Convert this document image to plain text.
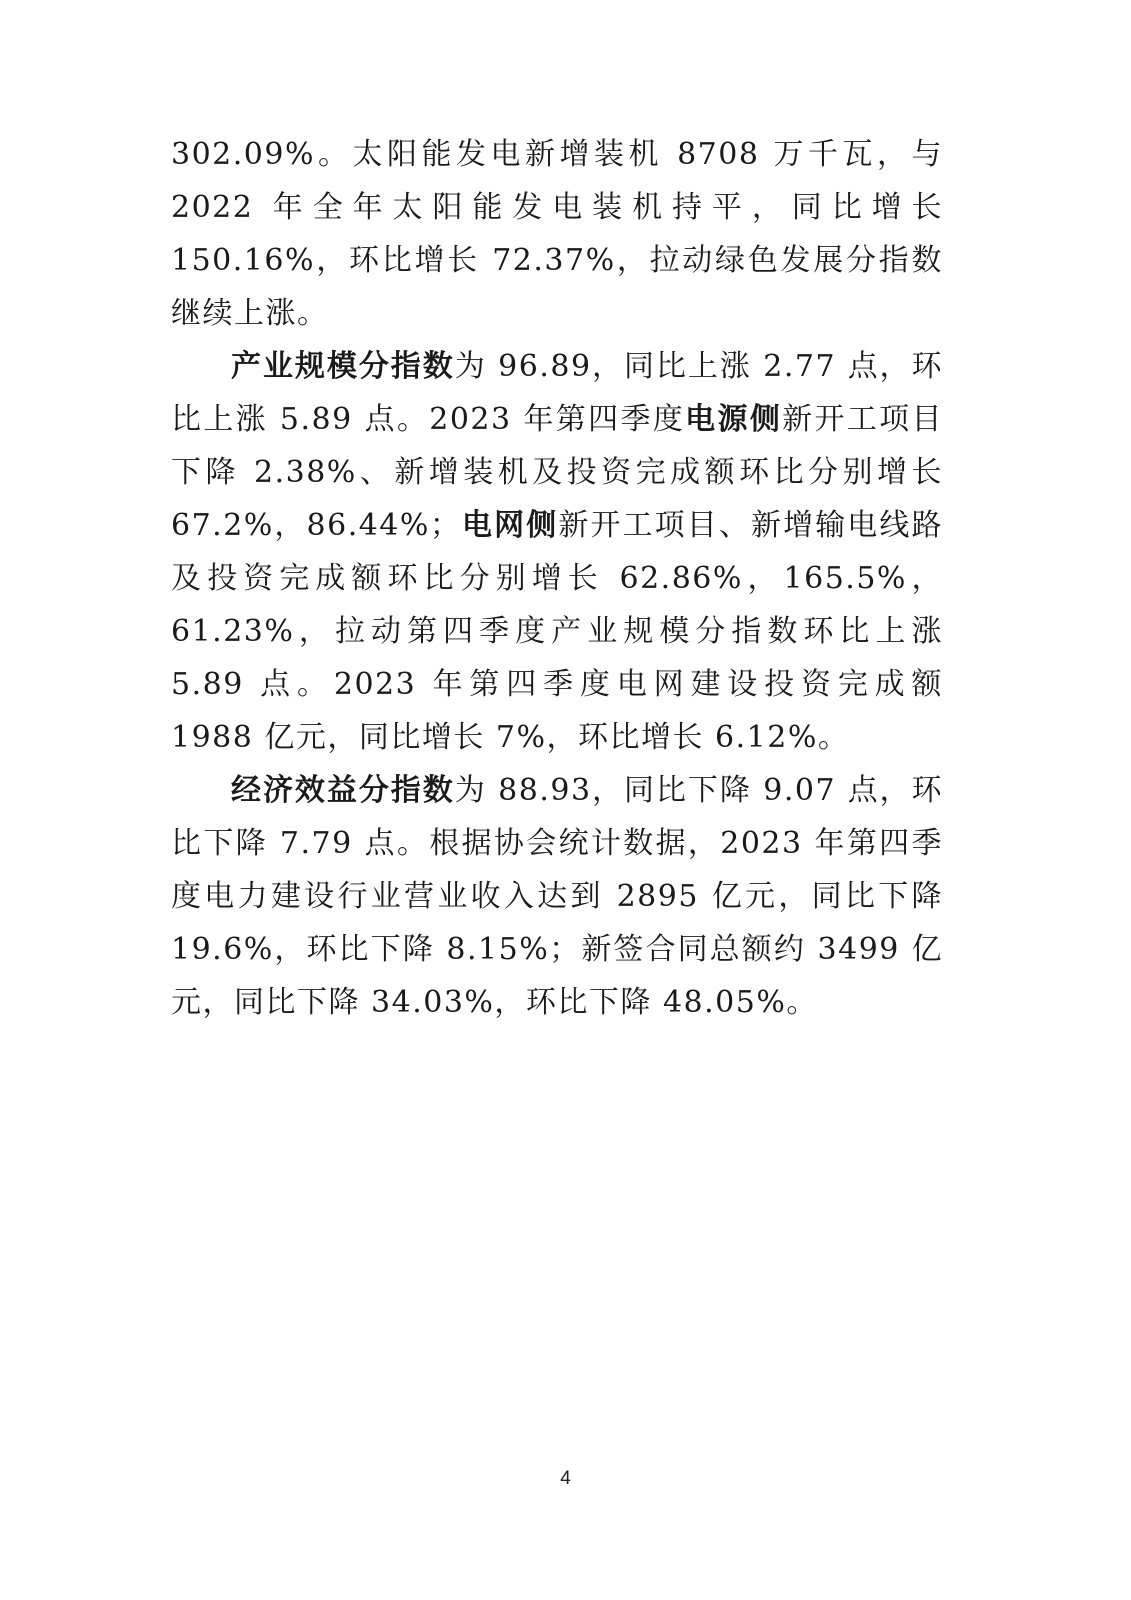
302.09%。太阳能发电新增装机 8708 万千瓦，与 2022 年全年太阳能发电装机持平，同比增长 150.16%，环比增长 72.37%，拉动绿色发展分指数继续上涨。

产业规模分指数为 96.89，同比上涨 2.77 点，环比上涨 5.89 点。2023 年第四季度电源侧新开工项目下降 2.38%、新增装机及投资完成额环比分别增长 67.2%，86.44%；电网侧新开工项目、新增输电线路及投资完成额环比分别增长 62.86%，165.5%，61.23%，拉动第四季度产业规模分指数环比上涨 5.89 点。2023 年第四季度电网建设投资完成额 1988 亿元，同比增长 7%，环比增长 6.12%。

经济效益分指数为 88.93，同比下降 9.07 点，环比下降 7.79 点。根据协会统计数据，2023 年第四季度电力建设行业营业收入达到 2895 亿元，同比下降 19.6%，环比下降 8.15%；新签合同总额约 3499 亿元，同比下降 34.03%，环比下降 48.05%。

4
